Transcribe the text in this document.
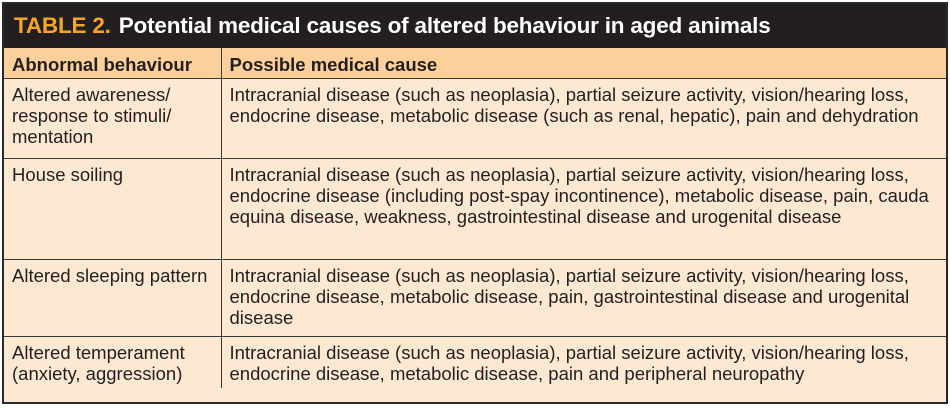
TABLE 2. Potential medical causes of altered behaviour in aged animals
Abnormal behaviour	Possible medical cause
Altered awareness/ response to stimuli/ mentation	Intracranial disease (such as neoplasia), partial seizure activity, vision/hearing loss, endocrine disease, metabolic disease (such as renal, hepatic), pain and dehydration
House soiling	Intracranial disease (such as neoplasia), partial seizure activity, vision/hearing loss, endocrine disease (including post-spay incontinence), metabolic disease, pain, cauda equina disease, weakness, gastrointestinal disease and urogenital disease
Altered sleeping pattern	Intracranial disease (such as neoplasia), partial seizure activity, vision/hearing loss, endocrine disease, metabolic disease, pain, gastrointestinal disease and urogenital disease
Altered temperament (anxiety, aggression)	Intracranial disease (such as neoplasia), partial seizure activity, vision/hearing loss, endocrine disease, metabolic disease, pain and peripheral neuropathy
